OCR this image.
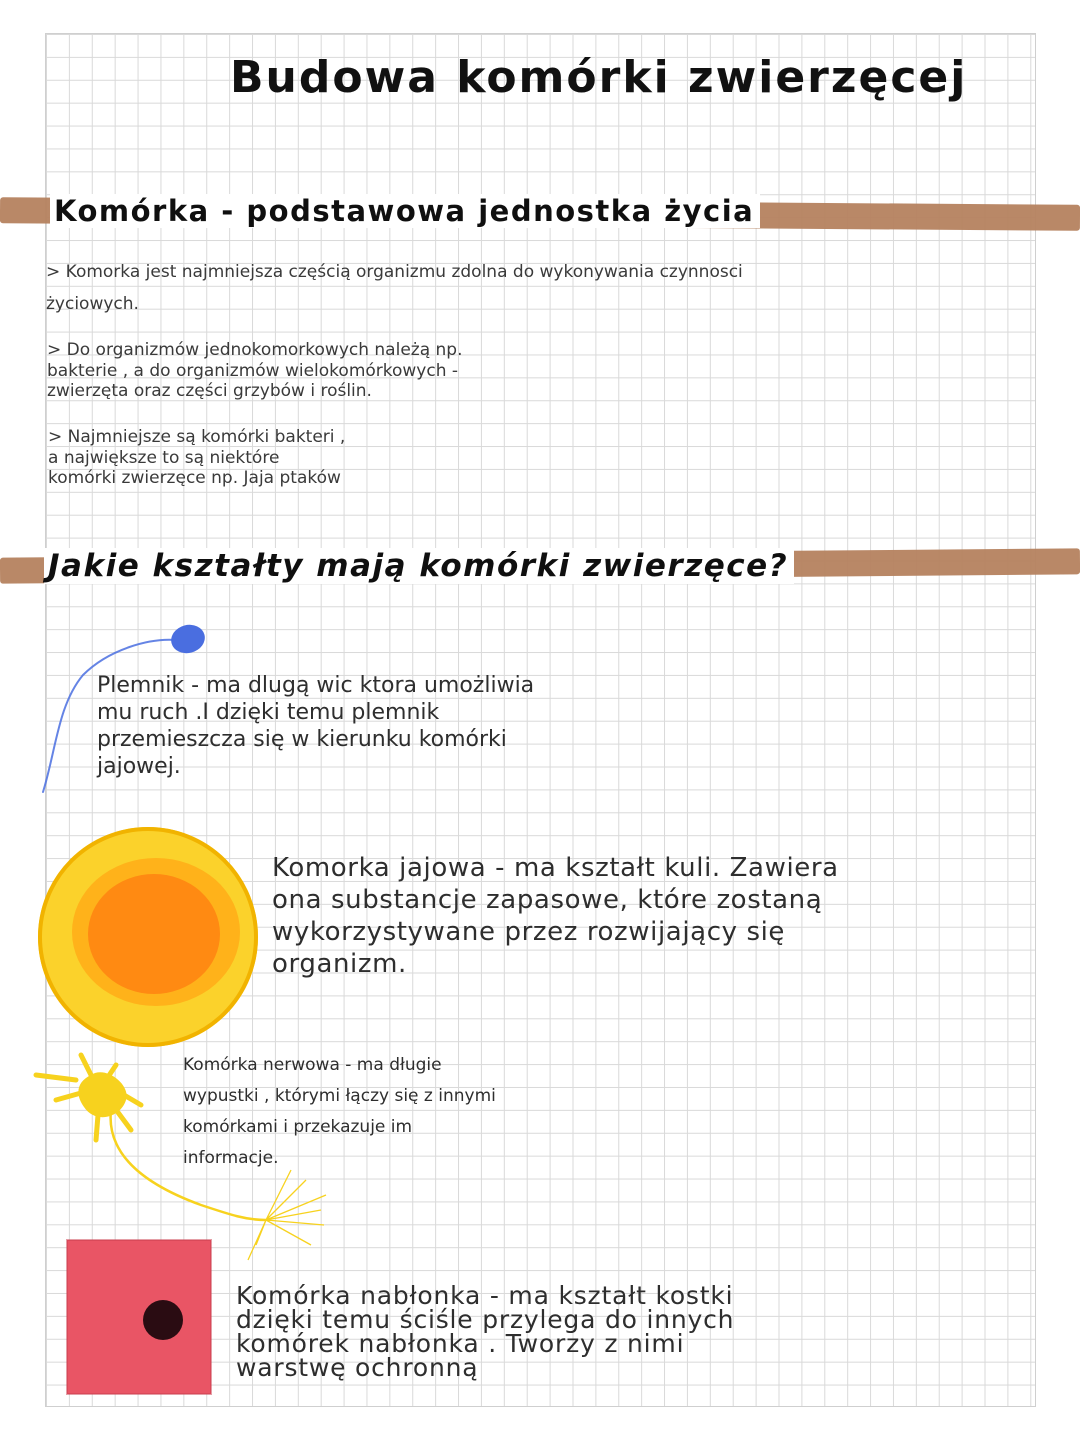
Budowa komórki zwierzęcej
Komórka - podstawowa jednostka życia

> Komorka jest najmniejsza częścią organizmu zdolna do wykonywania czynnosci życiowych.

> Do organizmów jednokomorkowych należą np. bakterie , a do organizmów wielokomórkowych - zwierzęta oraz części grzybów i roślin.

> Najmniejsze są komórki bakteri , a największe to są niektóre komórki zwierzęce np. Jaja ptaków

Jakie kształty mają komórki zwierzęce?

Plemnik - ma dlugą wic ktora umożliwia mu ruch .I dzięki temu plemnik przemieszcza się w kierunku komórki jajowej.

Komorka jajowa - ma kształt kuli. Zawiera ona substancje zapasowe, które zostaną wykorzystywane przez rozwijający się organizm.

Komórka nerwowa - ma długie wypustki , którymi łączy się z innymi komórkami i przekazuje im informacje.

Komórka nabłonka - ma kształt kostki dzięki temu ściśle przylega do innych komórek nabłonka . Tworzy z nimi warstwę ochronną
